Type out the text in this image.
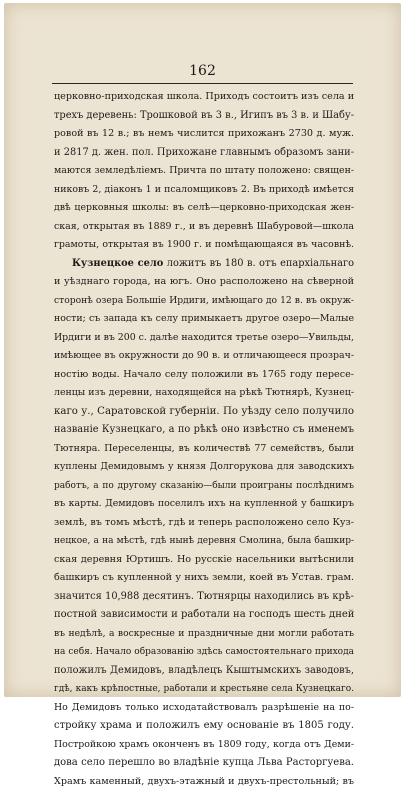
162
церковно-приходская школа. Приходъ состоитъ изъ села и
трехъ деревень: Трошковой въ 3 в., Игипъ въ 3 в. и Шабу-
ровой въ 12 в.; въ немъ числится прихожанъ 2730 д. муж.
и 2817 д. жен. пол. Прихожане главнымъ образомъ зани-
маются земледѣліемъ. Причта по штату положено: священ-
никовъ 2, діаконъ 1 и псаломщиковъ 2. Въ приходѣ имѣется
двѣ церковныя школы: въ селѣ—церковно-приходская жен-
ская, открытая въ 1889 г., и въ деревнѣ Шабуровой—школа
грамоты, открытая въ 1900 г. и помѣщающаяся въ часовнѣ.
Кузнецкое село ложитъ въ 180 в. отъ епархіальнаго
и уѣзднаго города, на югъ. Оно расположено на сѣверной
сторонѣ озера Большіе Ирдиги, имѣющаго до 12 в. въ окруж-
ности; съ запада къ селу примыкаетъ другое озеро—Малые
Ирдиги и въ 200 с. далѣе находится третье озеро—Увильды,
имѣющее въ окружности до 90 в. и отличающееся прозрач-
ностію воды. Начало селу положили въ 1765 году пересе-
ленцы изъ деревни, находящейся на рѣкѣ Тютнярѣ, Кузнец-
каго у., Саратовской губерніи. По уѣзду село получило
названіе Кузнецкаго, а по рѣкѣ оно извѣстно съ именемъ
Тютняра. Переселенцы, въ количествѣ 77 семействъ, были
куплены Демидовымъ у князя Долгорукова для заводскихъ
работъ, а по другому сказанію—были проиграны послѣднимъ
въ карты. Демидовъ поселилъ ихъ на купленной у башкиръ
землѣ, въ томъ мѣстѣ, гдѣ и теперь расположено село Куз-
нецкое, а на мѣстѣ, гдѣ нынѣ деревня Смолина, была башкир-
ская деревня Юртишъ. Но русскіе насельники вытѣснили
башкиръ съ купленной у нихъ земли, коей въ Устав. грам.
значится 10,988 десятинъ. Тютнярцы находились въ крѣ-
постной зависимости и работали на господъ шесть дней
въ недѣлѣ, а воскресные и праздничные дни могли работать
на себя. Начало образованію здѣсь самостоятельнаго прихода
положилъ Демидовъ, владѣлецъ Кыштымскихъ заводовъ,
гдѣ, какъ крѣпостные, работали и крестьяне села Кузнецкаго.
Но Демидовъ только исходатайствовалъ разрѣшеніе на по-
стройку храма и положилъ ему основаніе въ 1805 году.
Постройкою храмъ оконченъ въ 1809 году, когда отъ Деми-
дова село перешло во владѣніе купца Льва Расторгуева.
Храмъ каменный, двухъ-этажный и двухъ-престольный; въ
